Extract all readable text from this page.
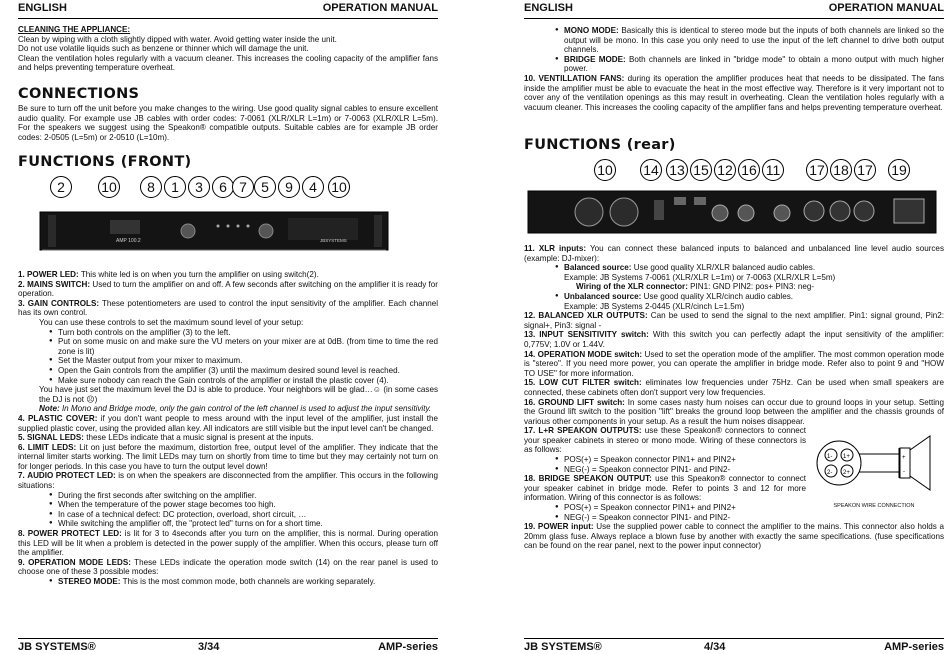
ENGLISH	OPERATION MANUAL
CLEANING THE APPLIANCE:
Clean by wiping with a cloth slightly dipped with water. Avoid getting water inside the unit.
Do not use volatile liquids such as benzene or thinner which will damage the unit.
Clean the ventilation holes regularly with a vacuum cleaner. This increases the cooling capacity of the amplifier fans and helps preventing temperature overheat.
CONNECTIONS
Be sure to turn off the unit before you make changes to the wiring. Use good quality signal cables to ensure excellent audio quality. For example use JB cables with order codes: 7-0061 (XLR/XLR L=1m) or 7-0063 (XLR/XLR L=5m). For the speakers we suggest using the Speakon® compatible outputs. Suitable cables are for example JB order codes: 2-0505 (L=5m) or 2-0510 (L=10m).
FUNCTIONS (FRONT)
2	10	8	1	3	6 7	5	9	4	10
AMP 100.2	JBSYSTEMS
1. POWER LED: This white led is on when you turn the amplifier on using switch(2).
2. MAINS SWITCH: Used to turn the amplifier on and off. A few seconds after switching on the amplifier it is ready for operation.
3. GAIN CONTROLS: These potentiometers are used to control the input sensitivity of the amplifier. Each channel has its own control.
You can use these controls to set the maximum sound level of your setup:
● Turn both controls on the amplifier (3) to the left.
● Put on some music on and make sure the VU meters on your mixer are at 0dB. (from time to time the red zone is lit)
● Set the Master output from your mixer to maximum.
● Open the Gain controls from the amplifier (3) until the maximum desired sound level is reached.
● Make sure nobody can reach the Gain controls of the amplifier or install the plastic cover (4).
You have just set the maximum level the DJ is able to produce. Your neighbors will be glad…☺ (in some cases the DJ is not ☹)
Note: In Mono and Bridge mode, only the gain control of the left channel is used to adjust the input sensitivity.
4. PLASTIC COVER: if you don't want people to mess around with the input level of the amplifier, just install the supplied plastic cover, using the provided allan key. All indicators are still visible but the input level can't be changed.
5. SIGNAL LEDS: these LEDs indicate that a music signal is present at the inputs.
6. LIMIT LEDS: Lit on just before the maximum, distortion free, output level of the amplifier. They indicate that the internal limiter starts working. The limit LEDs may turn on shortly from time to time but they may certainly not turn on for longer periods. In this case you have to turn the output level down!
7. AUDIO PROTECT LED: is on when the speakers are disconnected from the amplifier. This occurs in the following situations:
● During the first seconds after switching on the amplifier.
● When the temperature of the power stage becomes too high.
● In case of a technical defect: DC protection, overload, short circuit, …
● While switching the amplifier off, the "protect led" turns on for a short time.
8. POWER PROTECT LED: is lit for 3 to 4seconds after you turn on the amplifier, this is normal. During operation this LED will be lit when a problem is detected in the power supply of the amplifier. When this occurs, please turn off the amplifier.
9. OPERATION MODE LEDS: These LEDs indicate the operation mode switch (14) on the rear panel is used to choose one of these 3 possible modes:
● STEREO MODE: This is the most common mode, both channels are working separately.
JB SYSTEMS®	3/34	AMP-series
ENGLISH	OPERATION MANUAL
● MONO MODE: Basically this is identical to stereo mode but the inputs of both channels are linked so the output will be mono. In this case you only need to use the input of the left channel to drive both output channels.
● BRIDGE MODE: Both channels are linked in "bridge mode" to obtain a mono output with much higher power.
10. VENTILLATION FANS: during its operation the amplifier produces heat that needs to be dissipated. The fans inside the amplifier must be able to evacuate the heat in the most effective way. Therefore is it very important not to cover any of the ventilation openings as this may result in overheating. Clean the ventilation holes regularly with a vacuum cleaner. This increases the cooling capacity of the amplifier fans and helps preventing temperature overheat.
FUNCTIONS (rear)
10 14 13 15 12 16 11 17 18 17 19
11. XLR inputs: You can connect these balanced inputs to balanced and unbalanced line level audio sources (example: DJ-mixer):
● Balanced source: Use good quality XLR/XLR balanced audio cables.
Example: JB Systems 7-0061 (XLR/XLR L=1m) or 7-0063 (XLR/XLR L=5m)
Wiring of the XLR connector: PIN1: GND PIN2: pos+ PIN3: neg-
● Unbalanced source: Use good quality XLR/cinch audio cables.
Example: JB Systems 2-0445 (XLR/cinch L=1.5m)
12. BALANCED XLR OUTPUTS: Can be used to send the signal to the next amplifier. Pin1: signal ground, Pin2: signal+, Pin3: signal -
13. INPUT SENSITIVITY switch: With this switch you can perfectly adapt the input sensitivity of the amplifier: 0,775V; 1.0V or 1.44V.
14. OPERATION MODE switch: Used to set the operation mode of the amplifier. The most common operation mode is "stereo". If you need more power, you can operate the amplifier in bridge mode. Refer also to point 9 and "HOW TO USE" for more information.
15. LOW CUT FILTER switch: eliminates low frequencies under 75Hz. Can be used when small speakers are connected, these cabinets often don't support very low frequencies.
16. GROUND LIFT switch: In some cases nasty hum noises can occur due to ground loops in your setup. Setting the Ground lift switch to the position "lift" breaks the ground loop between the amplifier and the chassis grounds of various other components in your setup. As a result the hum noises disappear.
17. L+R SPEAKON OUTPUTS: use these Speakon® connectors to connect your speaker cabinets in stereo or mono mode. Wiring of these connectors is as follows:
● POS(+) = Speakon connector PIN1+ and PIN2+
● NEG(-) = Speakon connector PIN1- and PIN2-
18. BRIDGE SPEAKON OUTPUT: use this Speakon® connector to connect your speaker cabinet in bridge mode. Refer to points 3 and 12 for more information. Wiring of this connector is as follows:
● POS(+) = Speakon connector PIN1+ and PIN2+
● NEG(-) = Speakon connector PIN1- and PIN2-
19. POWER input: Use the supplied power cable to connect the amplifier to the mains. This connector also holds a 20mm glass fuse. Always replace a blown fuse by another with exactly the same specifications. (fuse specifications can be found on the rear panel, next to the power input connector)
1- 1+
2- 2+
+
-
SPEAKON WIRE CONNECTION
JB SYSTEMS®	4/34	AMP-series
